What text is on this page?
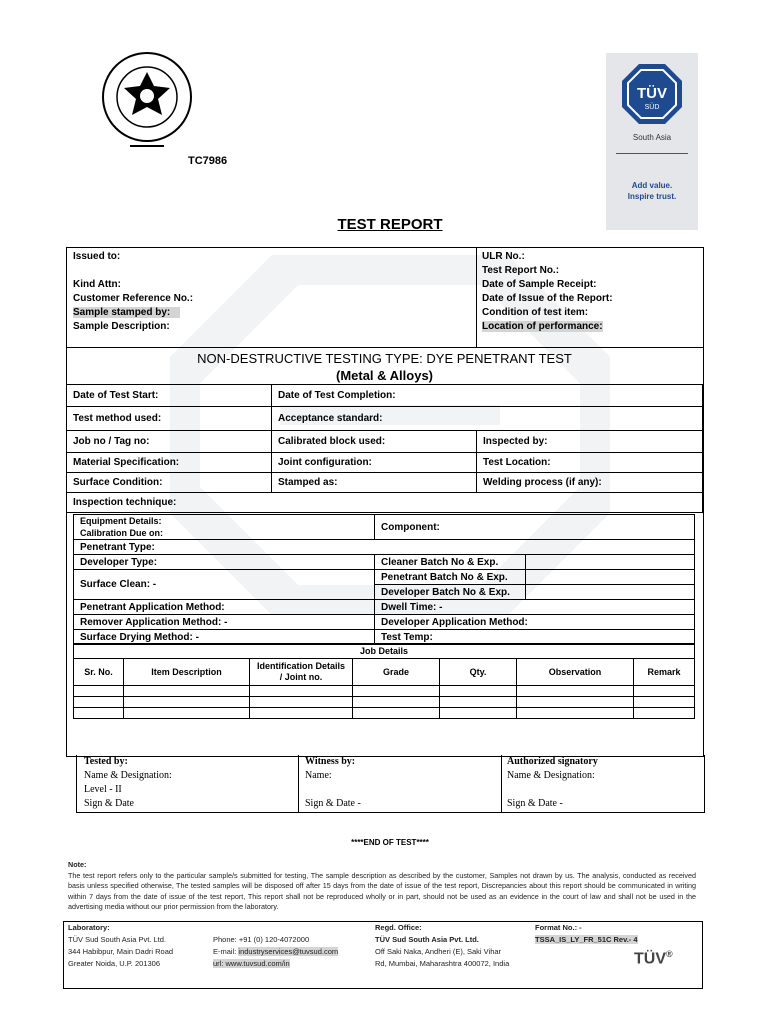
TC7986
TÜV
SÜD
South Asia
Add value.
Inspire trust.
TEST REPORT
Issued to:
Kind Attn:
Customer Reference No.:
Sample stamped by:
Sample Description:
ULR No.:
Test Report No.:
Date of Sample Receipt:
Date of Issue of the Report:
Condition of test item:
Location of performance:
NON-DESTRUCTIVE TESTING TYPE: DYE PENETRANT TEST
(Metal & Alloys)
Date of Test Start:	Date of Test Completion:	
Test method used:	Acceptance standard:	
Job no / Tag no:	Calibrated block used:	Inspected by:
Material Specification:	Joint configuration:	Test Location:
Surface Condition:	Stamped as:	Welding process (if any):
Inspection technique:		
Equipment Details:
Calibration Due on:	Component:	
Penetrant Type:		
Developer Type:	Cleaner Batch No & Exp.	
Surface Clean: -	Penetrant Batch No & Exp.	
	Developer Batch No & Exp.	
Penetrant Application Method:	Dwell Time: -	
Remover Application Method: -	Developer Application Method:	
Surface Drying Method: -	Test Temp:	
Job Details						
Sr. No.	Item Description	Identification Details / Joint no.	Grade	Qty.	Observation	Remark

Tested by:
Name & Designation:
Level - II
Sign & Date
Witness by:
Name:
Sign & Date -
Authorized signatory
Name & Designation:
Sign & Date -
****END OF TEST****

Note:

The test report refers only to the particular sample/s submitted for testing, The sample description as described by the customer, Samples not drawn by us. The analysis, conducted as received basis unless specified otherwise, The tested samples will be disposed off after 15 days from the date of issue of the test report, Discrepancies about this report should be communicated in writing within 7 days from the date of issue of the test report, This report shall not be reproduced wholly or in part, should not be used as an evidence in the court of law and shall not be used in the advertising media without our prior permission from the laboratory.

Laboratory:
TÜV Sud South Asia Pvt. Ltd.
344 Habibpur, Main Dadri Road
Greater Noida, U.P. 201306
Phone: +91 (0) 120-4072000
E-mail: industryservices@tuvsud.com
url: www.tuvsud.com/in
Regd. Office:
TÜV Sud South Asia Pvt. Ltd.
Off Saki Naka, Andheri (E), Saki Vihar
Rd, Mumbai, Maharashtra 400072, India
Format No.: -
TSSA_IS_LY_FR_51C Rev.- 4
TÜV®
